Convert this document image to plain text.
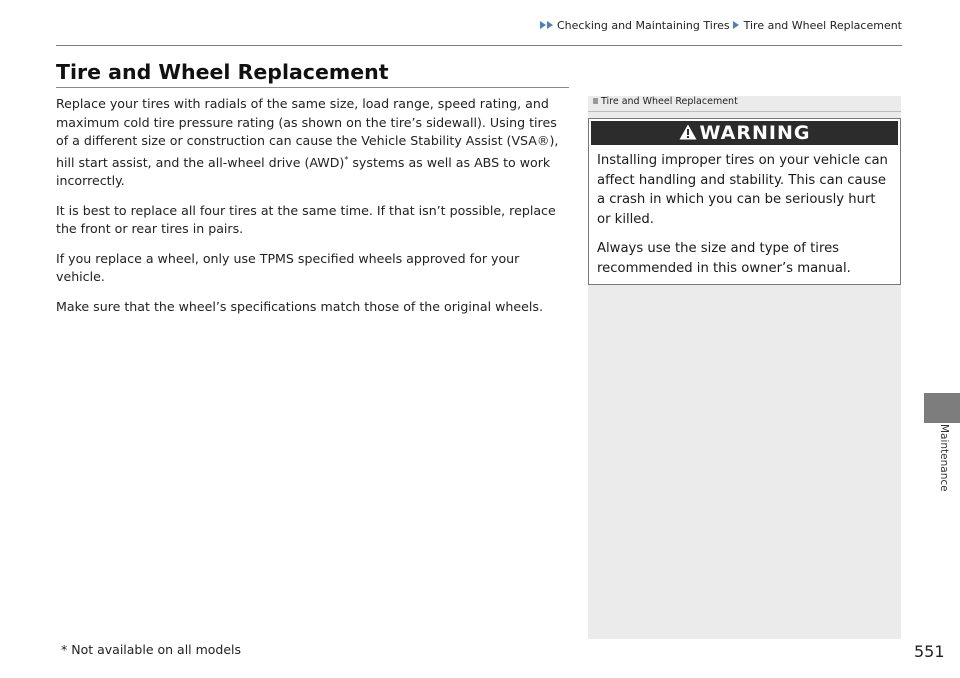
Checking and Maintaining Tires Tire and Wheel Replacement
Tire and Wheel Replacement

Replace your tires with radials of the same size, load range, speed rating, and maximum cold tire pressure rating (as shown on the tire’s sidewall). Using tires of a different size or construction can cause the Vehicle Stability Assist (VSA®), hill start assist, and the all-wheel drive (AWD)* systems as well as ABS to work incorrectly.

It is best to replace all four tires at the same time. If that isn’t possible, replace the front or rear tires in pairs.

If you replace a wheel, only use TPMS specified wheels approved for your vehicle.

Make sure that the wheel’s specifications match those of the original wheels.

Tire and Wheel Replacement
WARNING

Installing improper tires on your vehicle can affect handling and stability. This can cause a crash in which you can be seriously hurt or killed.

Always use the size and type of tires recommended in this owner’s manual.

Maintenance
* Not available on all models	551
